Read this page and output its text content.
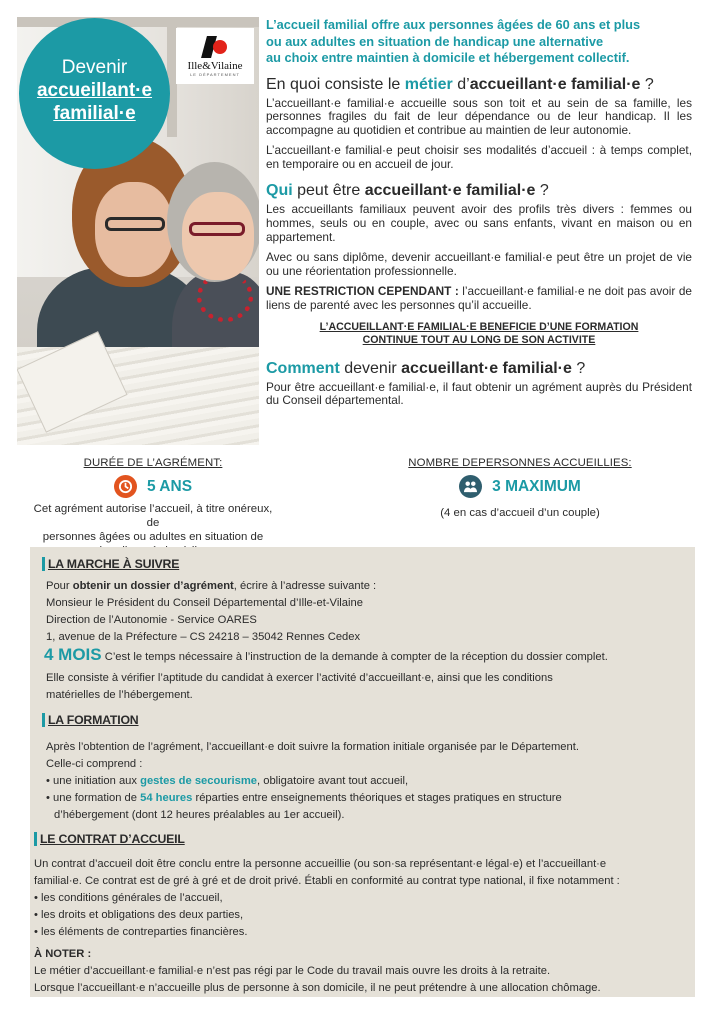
Devenir
accueillant·e
familial·e
Ille&Vilaine
LE DÉPARTEMENT
L’accueil familial offre aux personnes âgées de 60 ans et plus
ou aux adultes en situation de handicap une alternative
au choix entre maintien à domicile et hébergement collectif.
En quoi consiste le métier d’accueillant·e familial·e ?

L’accueillant·e familial·e accueille sous son toit et au sein de sa famille, les personnes fragiles du fait de leur dépendance ou de leur handicap. Il les accompagne au quotidien et contribue au maintien de leur autonomie.

L’accueillant·e familial·e peut choisir ses modalités d’accueil : à temps complet, en temporaire ou en accueil de jour.

Qui peut être accueillant·e familial·e ?

Les accueillants familiaux peuvent avoir des profils très divers : femmes ou hommes, seuls ou en couple, avec ou sans enfants, vivant en maison ou en appartement.

Avec ou sans diplôme, devenir accueillant·e familial·e peut être un projet de vie ou une réorientation professionnelle.

UNE RESTRICTION CEPENDANT : l’accueillant·e familial·e ne doit pas avoir de liens de parenté avec les personnes qu’il accueille.

L’ACCUEILLANT·E FAMILIAL·E BENEFICIE D’UNE FORMATION
CONTINUE TOUT AU LONG DE SON ACTIVITE
Comment devenir accueillant·e familial·e ?

Pour être accueillant·e familial·e, il faut obtenir un agrément auprès du Président du Conseil départemental.

DURÉE DE L’AGRÉMENT:
5 ANS
Cet agrément autorise l’accueil, à titre onéreux, de
personnes âgées ou adultes en situation de
NOMBRE DEPERSONNES ACCUEILLIES:
3 MAXIMUM
(4 en cas d’accueil d’un couple)
LA MARCHE À SUIVRE
Pour obtenir un dossier d’agrément, écrire à l’adresse suivante :
Monsieur le Président du Conseil Départemental d’Ille-et-Vilaine
Direction de l’Autonomie - Service OARES
1, avenue de la Préfecture – CS 24218 – 35042 Rennes Cedex
4 MOIS C’est le temps nécessaire à l’instruction de la demande à compter de la réception du dossier complet.
Elle consiste à vérifier l’aptitude du candidat à exercer l’activité d’accueillant·e, ainsi que les conditions
matérielles de l’hébergement.
LA FORMATION
Après l’obtention de l’agrément, l’accueillant·e doit suivre la formation initiale organisée par le Département.
Celle-ci comprend :
• une initiation aux gestes de secourisme, obligatoire avant tout accueil,
• une formation de 54 heures réparties entre enseignements théoriques et stages pratiques en structure
d’hébergement (dont 12 heures préalables au 1er accueil).
LE CONTRAT D’ACCUEIL
Un contrat d’accueil doit être conclu entre la personne accueillie (ou son·sa représentant·e légal·e) et l’accueillant·e
familial·e. Ce contrat est de gré à gré et de droit privé. Établi en conformité au contrat type national, il fixe notamment :
• les conditions générales de l’accueil,
• les droits et obligations des deux parties,
• les éléments de contreparties financières.
À NOTER :
Le métier d’accueillant·e familial·e n’est pas régi par le Code du travail mais ouvre les droits à la retraite.
Lorsque l’accueillant·e n’accueille plus de personne à son domicile, il ne peut prétendre à une allocation chômage.
